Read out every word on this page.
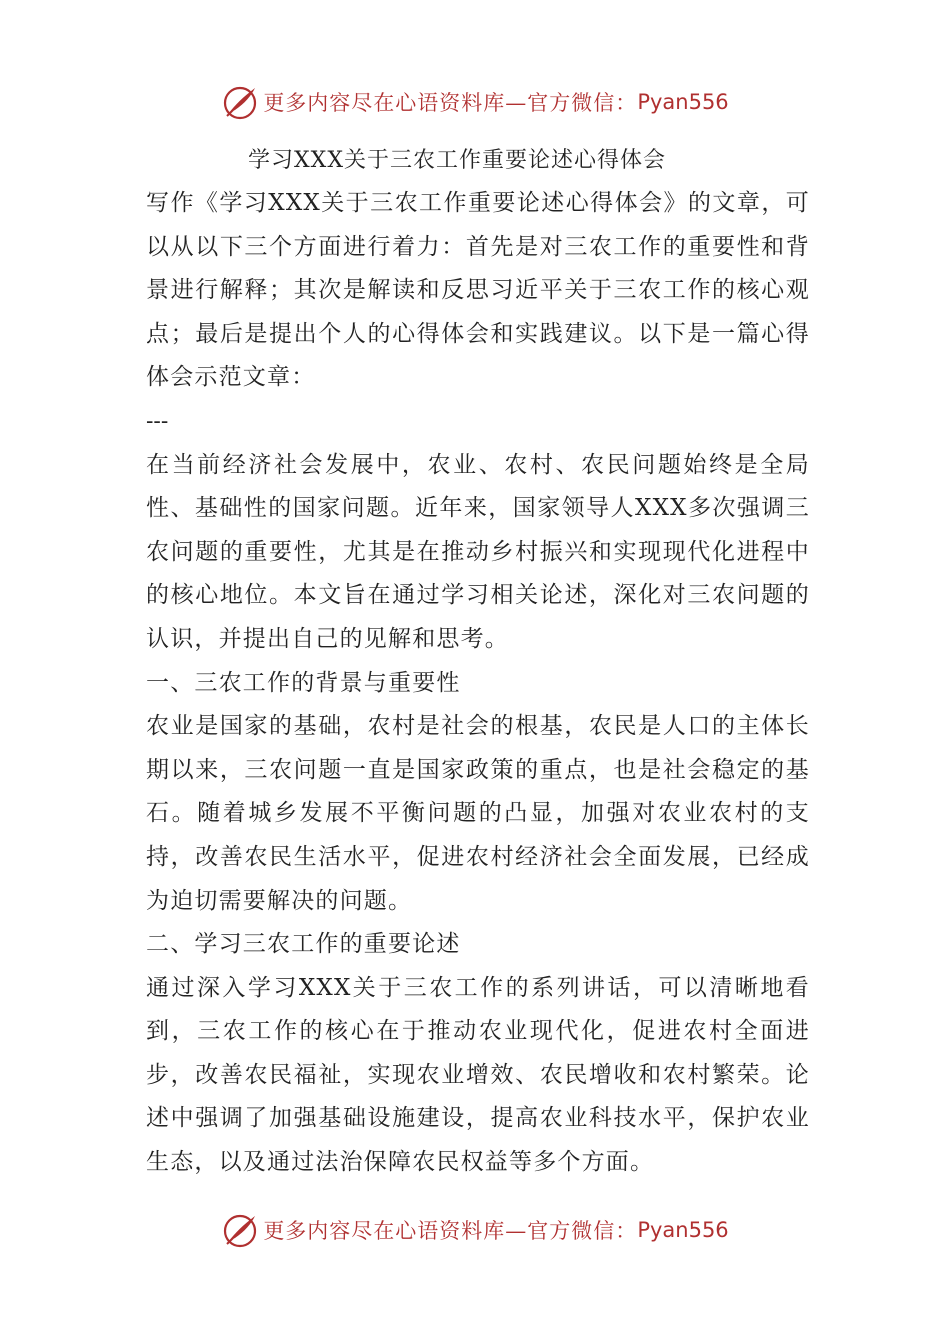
更多内容尽在心语资料库—官方微信： Pyan556
学习XXX关于三农工作重要论述心得体会

写作《学习XXX关于三农工作重要论述心得体会》的文章，可以从以下三个方面进行着力：首先是对三农工作的重要性和背景进行解释；其次是解读和反思习近平关于三农工作的核心观点；最后是提出个人的心得体会和实践建议。以下是一篇心得体会示范文章：

---

在当前经济社会发展中，农业、农村、农民问题始终是全局性、基础性的国家问题。近年来，国家领导人XXX多次强调三农问题的重要性，尤其是在推动乡村振兴和实现现代化进程中的核心地位。本文旨在通过学习相关论述，深化对三农问题的认识，并提出自己的见解和思考。

一、三农工作的背景与重要性

农业是国家的基础，农村是社会的根基，农民是人口的主体长期以来，三农问题一直是国家政策的重点，也是社会稳定的基石。随着城乡发展不平衡问题的凸显，加强对农业农村的支持，改善农民生活水平，促进农村经济社会全面发展，已经成为迫切需要解决的问题。

二、学习三农工作的重要论述

通过深入学习XXX关于三农工作的系列讲话，可以清晰地看到，三农工作的核心在于推动农业现代化，促进农村全面进步，改善农民福祉，实现农业增效、农民增收和农村繁荣。论述中强调了加强基础设施建设，提高农业科技水平，保护农业生态，以及通过法治保障农民权益等多个方面。

更多内容尽在心语资料库—官方微信： Pyan556
